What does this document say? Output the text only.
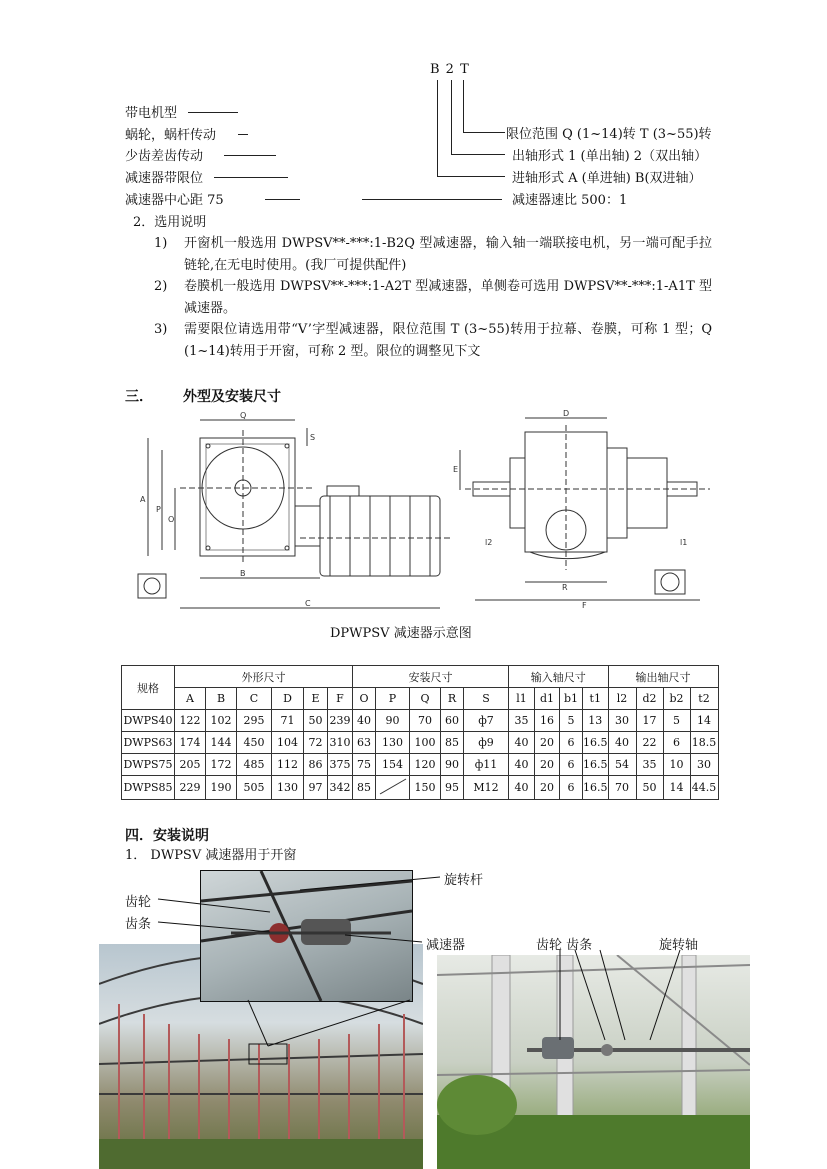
B 2 T
带电机型
蜗轮，蜗杆传动
少齿差齿传动
减速器带限位
减速器中心距 75
限位范围 Q (1~14)转 T (3~55)转
出轴形式 1 (单出轴) 2（双出轴）
进轴形式 A (单进轴) B(双进轴）
减速器速比 500：1
2．选用说明
1) 开窗机一般选用 DWPSV**-***:1-B2Q 型减速器，输入轴一端联接电机，另一端可配手拉链轮,在无电时使用。(我厂可提供配件)
2) 卷膜机一般选用 DWPSV**-***:1-A2T 型减速器，单侧卷可选用 DWPSV**-***:1-A1T 型减速器。
3) 需要限位请选用带“V’字型减速器，限位范围 T (3~55)转用于拉幕、卷膜，可称 1 型；Q (1~14)转用于开窗，可称 2 型。限位的调整见下文
三． 外型及安装尺寸
Q
S
A
P
O
B
C
D
E
l2	l1
R
F
DPWPSV 减速器示意图
规格	外形尺寸						安装尺寸					输入轴尺寸				输出轴尺寸			
	A	B	C	D	E	F	O	P	Q	R	S	l1	d1	b1	t1	l2	d2	b2	t2
DWPS40	122	102	295	71	50	239	40	90	70	60	ф7	35	16	5	13	30	17	5	14
DWPS63	174	144	450	104	72	310	63	130	100	85	ф9	40	20	6	16.5	40	22	6	18.5
DWPS75	205	172	485	112	86	375	75	154	120	90	ф11	40	20	6	16.5	54	35	10	30
DWPS85	229	190	505	130	97	342	85		150	95	M12	40	20	6	16.5	70	50	14	44.5
四．安装说明
1． DWPSV 减速器用于开窗
旋转杆
齿轮
齿条
减速器	齿轮 齿条	旋转轴
